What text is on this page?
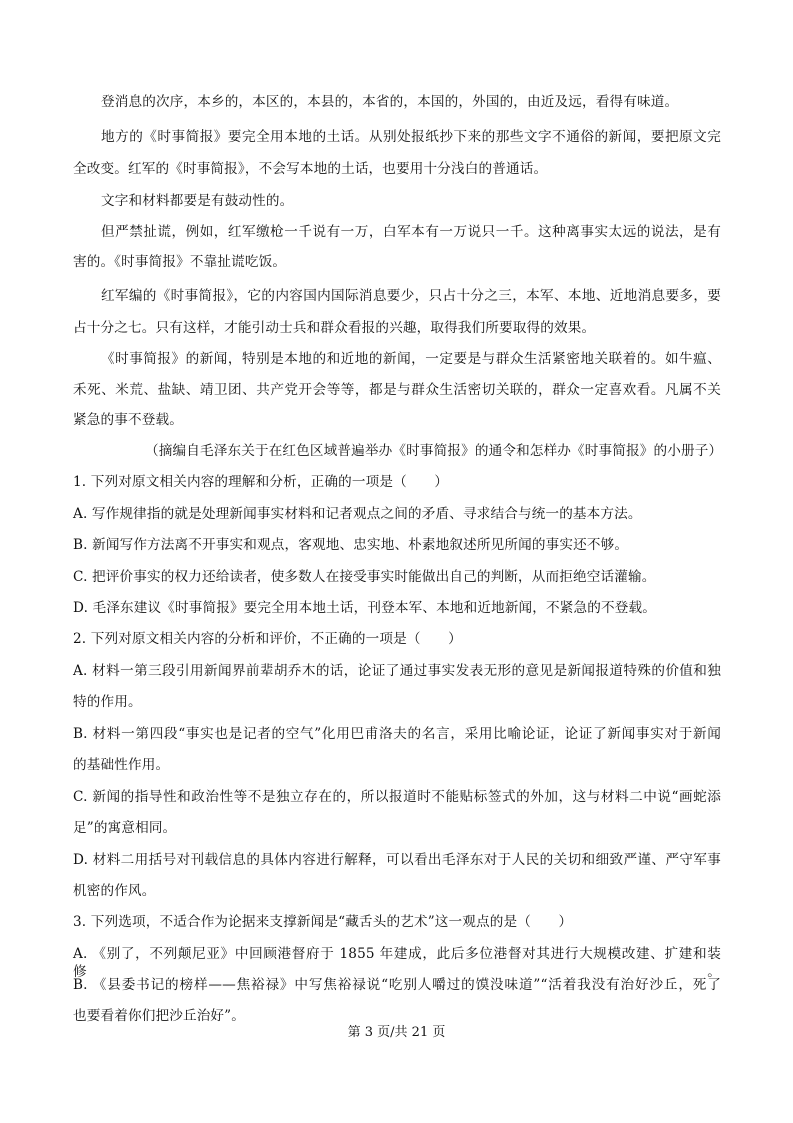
登消息的次序，本乡的，本区的，本县的，本省的，本国的，外国的，由近及远，看得有味道。
地方的《时事简报》要完全用本地的土话。从别处报纸抄下来的那些文字不通俗的新闻，要把原文完
全改变。红军的《时事简报》，不会写本地的土话，也要用十分浅白的普通话。
文字和材料都要是有鼓动性的。
但严禁扯谎，例如，红军缴枪一千说有一万，白军本有一万说只一千。这种离事实太远的说法，是有
害的。《时事简报》不靠扯谎吃饭。
红军编的《时事简报》，它的内容国内国际消息要少，只占十分之三，本军、本地、近地消息要多，要
占十分之七。只有这样，才能引动士兵和群众看报的兴趣，取得我们所要取得的效果。
《时事简报》的新闻，特别是本地的和近地的新闻，一定要是与群众生活紧密地关联着的。如牛瘟、
禾死、米荒、盐缺、靖卫团、共产党开会等等，都是与群众生活密切关联的，群众一定喜欢看。凡属不关
紧急的事不登载。
（摘编自毛泽东关于在红色区域普遍举办《时事简报》的通令和怎样办《时事简报》的小册子）
1. 下列对原文相关内容的理解和分析，正确的一项是（　　）
A. 写作规律指的就是处理新闻事实材料和记者观点之间的矛盾、寻求结合与统一的基本方法。
B. 新闻写作方法离不开事实和观点，客观地、忠实地、朴素地叙述所见所闻的事实还不够。
C. 把评价事实的权力还给读者，使多数人在接受事实时能做出自己的判断，从而拒绝空话灌输。
D. 毛泽东建议《时事简报》要完全用本地土话，刊登本军、本地和近地新闻，不紧急的不登载。
2. 下列对原文相关内容的分析和评价，不正确的一项是（　　）
A. 材料一第三段引用新闻界前辈胡乔木的话，论证了通过事实发表无形的意见是新闻报道特殊的价值和独
特的作用。
B. 材料一第四段“事实也是记者的空气”化用巴甫洛夫的名言，采用比喻论证，论证了新闻事实对于新闻
的基础性作用。
C. 新闻的指导性和政治性等不是独立存在的，所以报道时不能贴标签式的外加，这与材料二中说“画蛇添
足”的寓意相同。
D. 材料二用括号对刊载信息的具体内容进行解释，可以看出毛泽东对于人民的关切和细致严谨、严守军事
机密的作风。
3. 下列选项，不适合作为论据来支撑新闻是“藏舌头的艺术”这一观点的是（　　）
A. 《别了，不列颠尼亚》中回顾港督府于 1855 年建成，此后多位港督对其进行大规模改建、扩建和装修。
B. 《县委书记的榜样——焦裕禄》中写焦裕禄说“吃别人嚼过的馍没味道”“活着我没有治好沙丘，死了
也要看着你们把沙丘治好”。
第 3 页/共 21 页
